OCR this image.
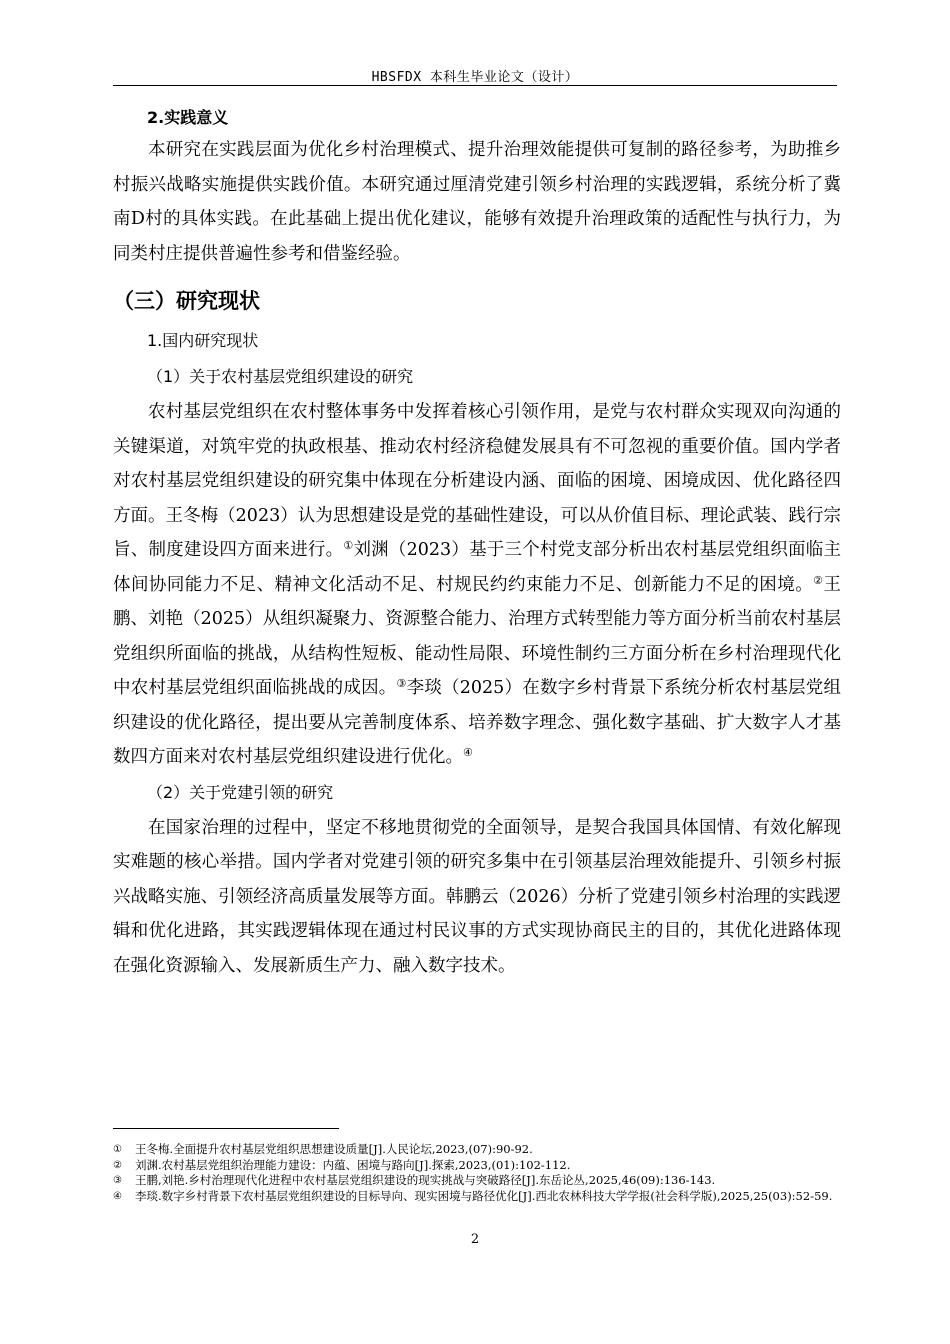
HBSFDX 本科生毕业论文（设计）
2.实践意义

本研究在实践层面为优化乡村治理模式、提升治理效能提供可复制的路径参考，为助推乡村振兴战略实施提供实践价值。本研究通过厘清党建引领乡村治理的实践逻辑，系统分析了冀南D村的具体实践。在此基础上提出优化建议，能够有效提升治理政策的适配性与执行力，为同类村庄提供普遍性参考和借鉴经验。

（三）研究现状
1.国内研究现状
（1）关于农村基层党组织建设的研究

农村基层党组织在农村整体事务中发挥着核心引领作用，是党与农村群众实现双向沟通的关键渠道，对筑牢党的执政根基、推动农村经济稳健发展具有不可忽视的重要价值。国内学者对农村基层党组织建设的研究集中体现在分析建设内涵、面临的困境、困境成因、优化路径四方面。王冬梅（2023）认为思想建设是党的基础性建设，可以从价值目标、理论武装、践行宗旨、制度建设四方面来进行。①刘渊（2023）基于三个村党支部分析出农村基层党组织面临主体间协同能力不足、精神文化活动不足、村规民约约束能力不足、创新能力不足的困境。②王鹏、刘艳（2025）从组织凝聚力、资源整合能力、治理方式转型能力等方面分析当前农村基层党组织所面临的挑战，从结构性短板、能动性局限、环境性制约三方面分析在乡村治理现代化中农村基层党组织面临挑战的成因。③李琰（2025）在数字乡村背景下系统分析农村基层党组织建设的优化路径，提出要从完善制度体系、培养数字理念、强化数字基础、扩大数字人才基数四方面来对农村基层党组织建设进行优化。④

（2）关于党建引领的研究

在国家治理的过程中，坚定不移地贯彻党的全面领导，是契合我国具体国情、有效化解现实难题的核心举措。国内学者对党建引领的研究多集中在引领基层治理效能提升、引领乡村振兴战略实施、引领经济高质量发展等方面。韩鹏云（2026）分析了党建引领乡村治理的实践逻辑和优化进路，其实践逻辑体现在通过村民议事的方式实现协商民主的目的，其优化进路体现在强化资源输入、发展新质生产力、融入数字技术。

①	王冬梅.全面提升农村基层党组织思想建设质量[J].人民论坛,2023,(07):90-92.
②	刘渊.农村基层党组织治理能力建设：内蕴、困境与路向[J].探索,2023,(01):102-112.
③	王鹏,刘艳.乡村治理现代化进程中农村基层党组织建设的现实挑战与突破路径[J].东岳论丛,2025,46(09):136-143.
④	李琰.数字乡村背景下农村基层党组织建设的目标导向、现实困境与路径优化[J].西北农林科技大学学报(社会科学版),2025,25(03):52-59.
2
